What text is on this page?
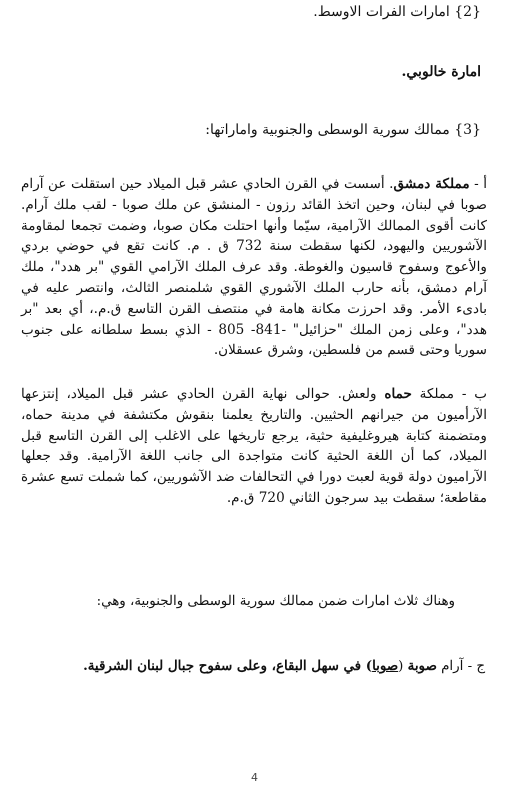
{2} امارات الفرات الاوسط.
امارة خالوبي.
{3} ممالك سورية الوسطى والجنوبية واماراتها:

أ - مملكة دمشق. أسست في القرن الحادي عشر قبل الميلاد حين استقلت عن آرام صوبا في لبنان، وحين اتخذ القائد رزون - المنشق عن ملك صوبا - لقب ملك آرام. كانت أقوى الممالك الآرامية، سيّما وأنها احتلت مكان صوبا، وضمت تجمعا لمقاومة الآشوريين واليهود، لكنها سقطت سنة 732 ق . م. كانت تقع في حوضي بردي والأعوج وسفوح قاسيون والغوطة. وقد عرف الملك الآرامي القوي "بر هدد"، ملك آرام دمشق، بأنه حارب الملك الآشوري القوي شلمنصر الثالث، وانتصر عليه في بادىء الأمر. وقد احرزت مكانة هامة في منتصف القرن التاسع ق.م.، أي بعد "بر هدد"، وعلى زمن الملك "حزائيل" -841- 805 - الذي بسط سلطانه على جنوب سوريا وحتى قسم من فلسطين، وشرق عسقلان.

ب - مملكة حماه ولعش. حوالى نهاية القرن الحادي عشر قبل الميلاد، إنتزعها الآرأميون من جيرانهم الحثيين. والتاريخ يعلمنا بنقوش مكتشفة في مدينة حماه، ومتضمنة كتابة هيروغليفية حثية، يرجع تاريخها على الاغلب إلى القرن التاسع قبل الميلاد، كما أن اللغة الحثية كانت متواجدة الى جانب اللغة الآرامية. وقد جعلها الآراميون دولة قوية لعبت دورا في التحالفات ضد الآشوريين، كما شملت تسع عشرة مقاطعة؛ سقطت بيد سرجون الثاني 720 ق.م.

وهناك ثلاث امارات ضمن ممالك سورية الوسطى والجنوبية، وهي:
ج - آرام صوبة (صوبا) في سهل البقاع، وعلى سفوح جبال لبنان الشرقية.
4
